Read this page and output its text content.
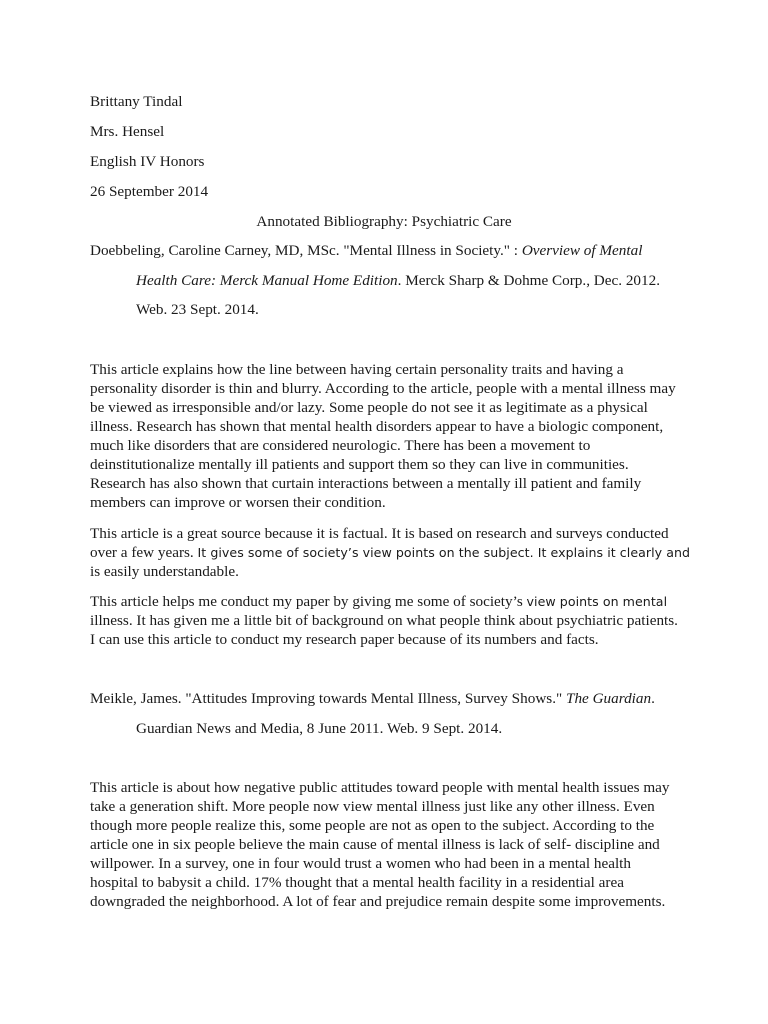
Brittany Tindal
Mrs. Hensel
English IV Honors
26 September 2014
Annotated Bibliography: Psychiatric Care
Doebbeling, Caroline Carney, MD, MSc. "Mental Illness in Society." : Overview of Mental
Health Care: Merck Manual Home Edition. Merck Sharp & Dohme Corp., Dec. 2012.
Web. 23 Sept. 2014.
This article explains how the line between having certain personality traits and having a
personality disorder is thin and blurry. According to the article, people with a mental illness may
be viewed as irresponsible and/or lazy. Some people do not see it as legitimate as a physical
illness. Research has shown that mental health disorders appear to have a biologic component,
much like disorders that are considered neurologic. There has been a movement to
deinstitutionalize mentally ill patients and support them so they can live in communities.
Research has also shown that curtain interactions between a mentally ill patient and family
members can improve or worsen their condition.
This article is a great source because it is factual. It is based on research and surveys conducted
over a few years. It gives some of society’s view points on the subject. It explains it clearly and
is easily understandable.
This article helps me conduct my paper by giving me some of society’s view points on mental
illness. It has given me a little bit of background on what people think about psychiatric patients.
I can use this article to conduct my research paper because of its numbers and facts.
Meikle, James. "Attitudes Improving towards Mental Illness, Survey Shows." The Guardian.
Guardian News and Media, 8 June 2011. Web. 9 Sept. 2014.
This article is about how negative public attitudes toward people with mental health issues may
take a generation shift. More people now view mental illness just like any other illness. Even
though more people realize this, some people are not as open to the subject. According to the
article one in six people believe the main cause of mental illness is lack of self- discipline and
willpower. In a survey, one in four would trust a women who had been in a mental health
hospital to babysit a child. 17% thought that a mental health facility in a residential area
downgraded the neighborhood. A lot of fear and prejudice remain despite some improvements.
